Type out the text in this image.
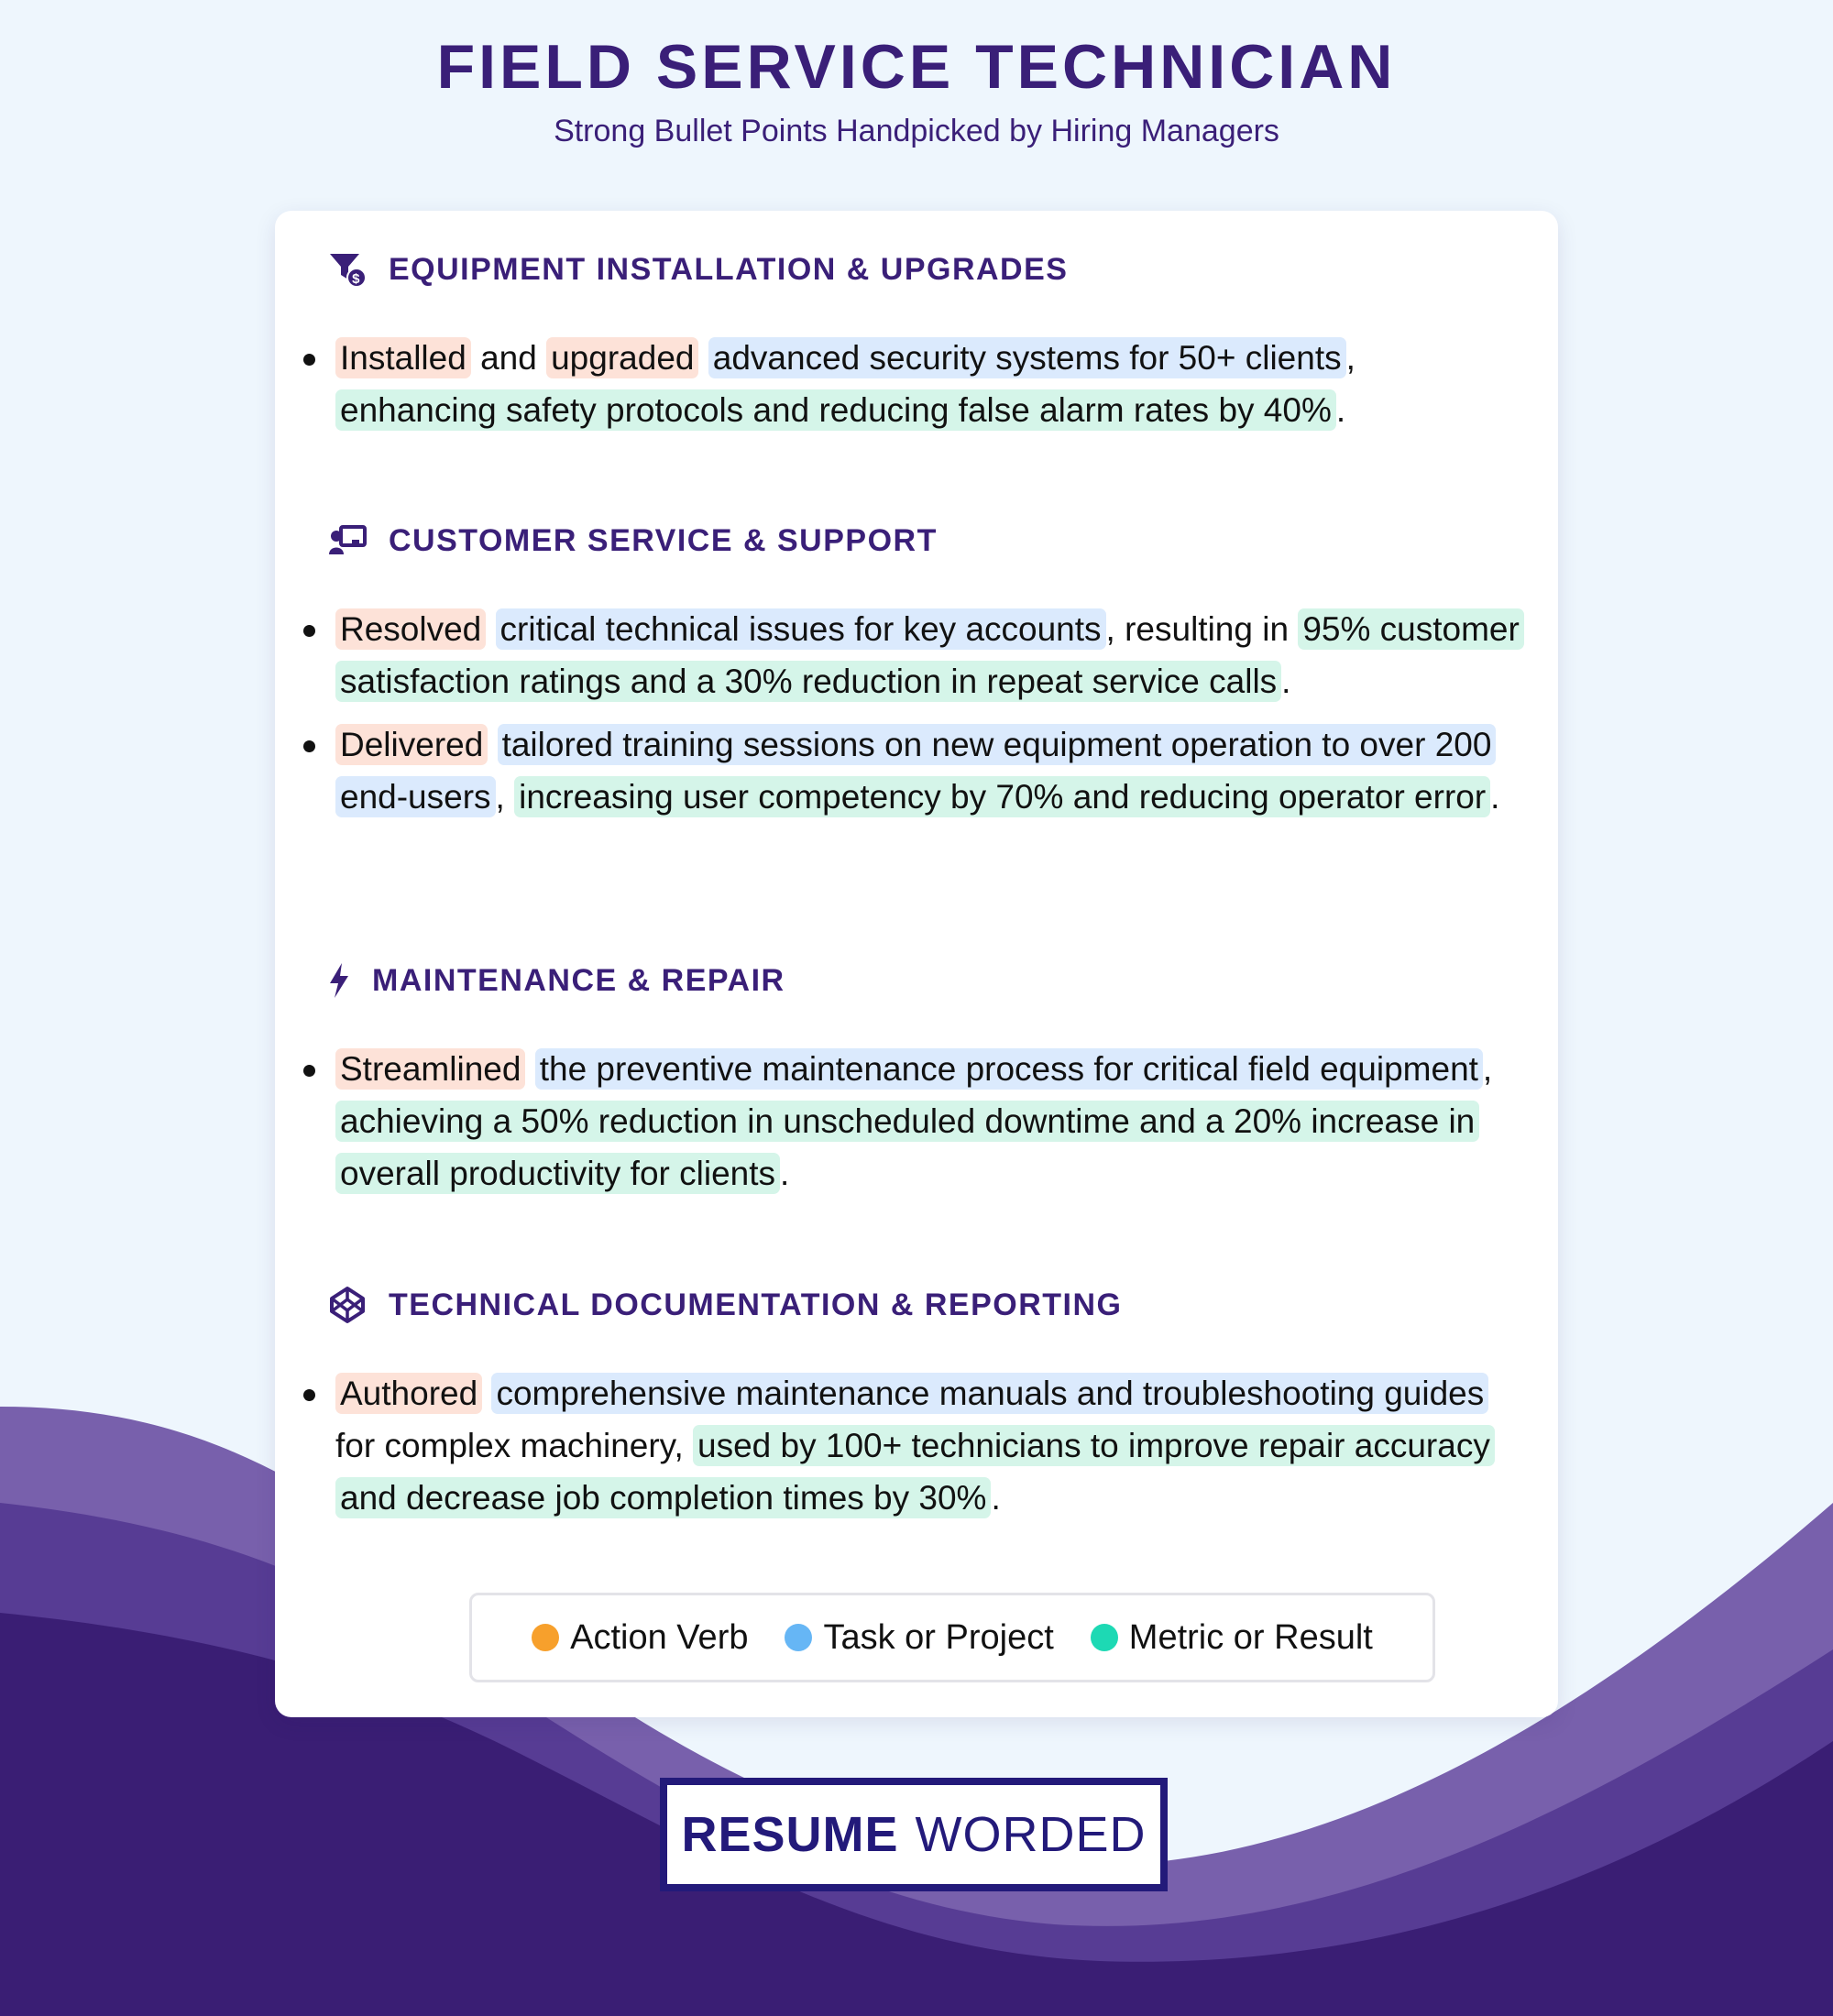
FIELD SERVICE TECHNICIAN
Strong Bullet Points Handpicked by Hiring Managers
$ EQUIPMENT INSTALLATION & UPGRADES
Installed and upgraded advanced security systems for 50+ clients , enhancing safety protocols and reducing false alarm rates by 40% .
CUSTOMER SERVICE & SUPPORT
Resolved critical technical issues for key accounts , resulting in 95% customer satisfaction ratings and a 30% reduction in repeat service calls .
Delivered tailored training sessions on new equipment operation to over 200 end-users , increasing user competency by 70% and reducing operator error .
MAINTENANCE & REPAIR
Streamlined the preventive maintenance process for critical field equipment , achieving a 50% reduction in unscheduled downtime and a 20% increase in overall productivity for clients .
TECHNICAL DOCUMENTATION & REPORTING
Authored comprehensive maintenance manuals and troubleshooting guides for complex machinery, used by 100+ technicians to improve repair accuracy and decrease job completion times by 30% .
Action Verb Task or Project Metric or Result
RESUME WORDED
